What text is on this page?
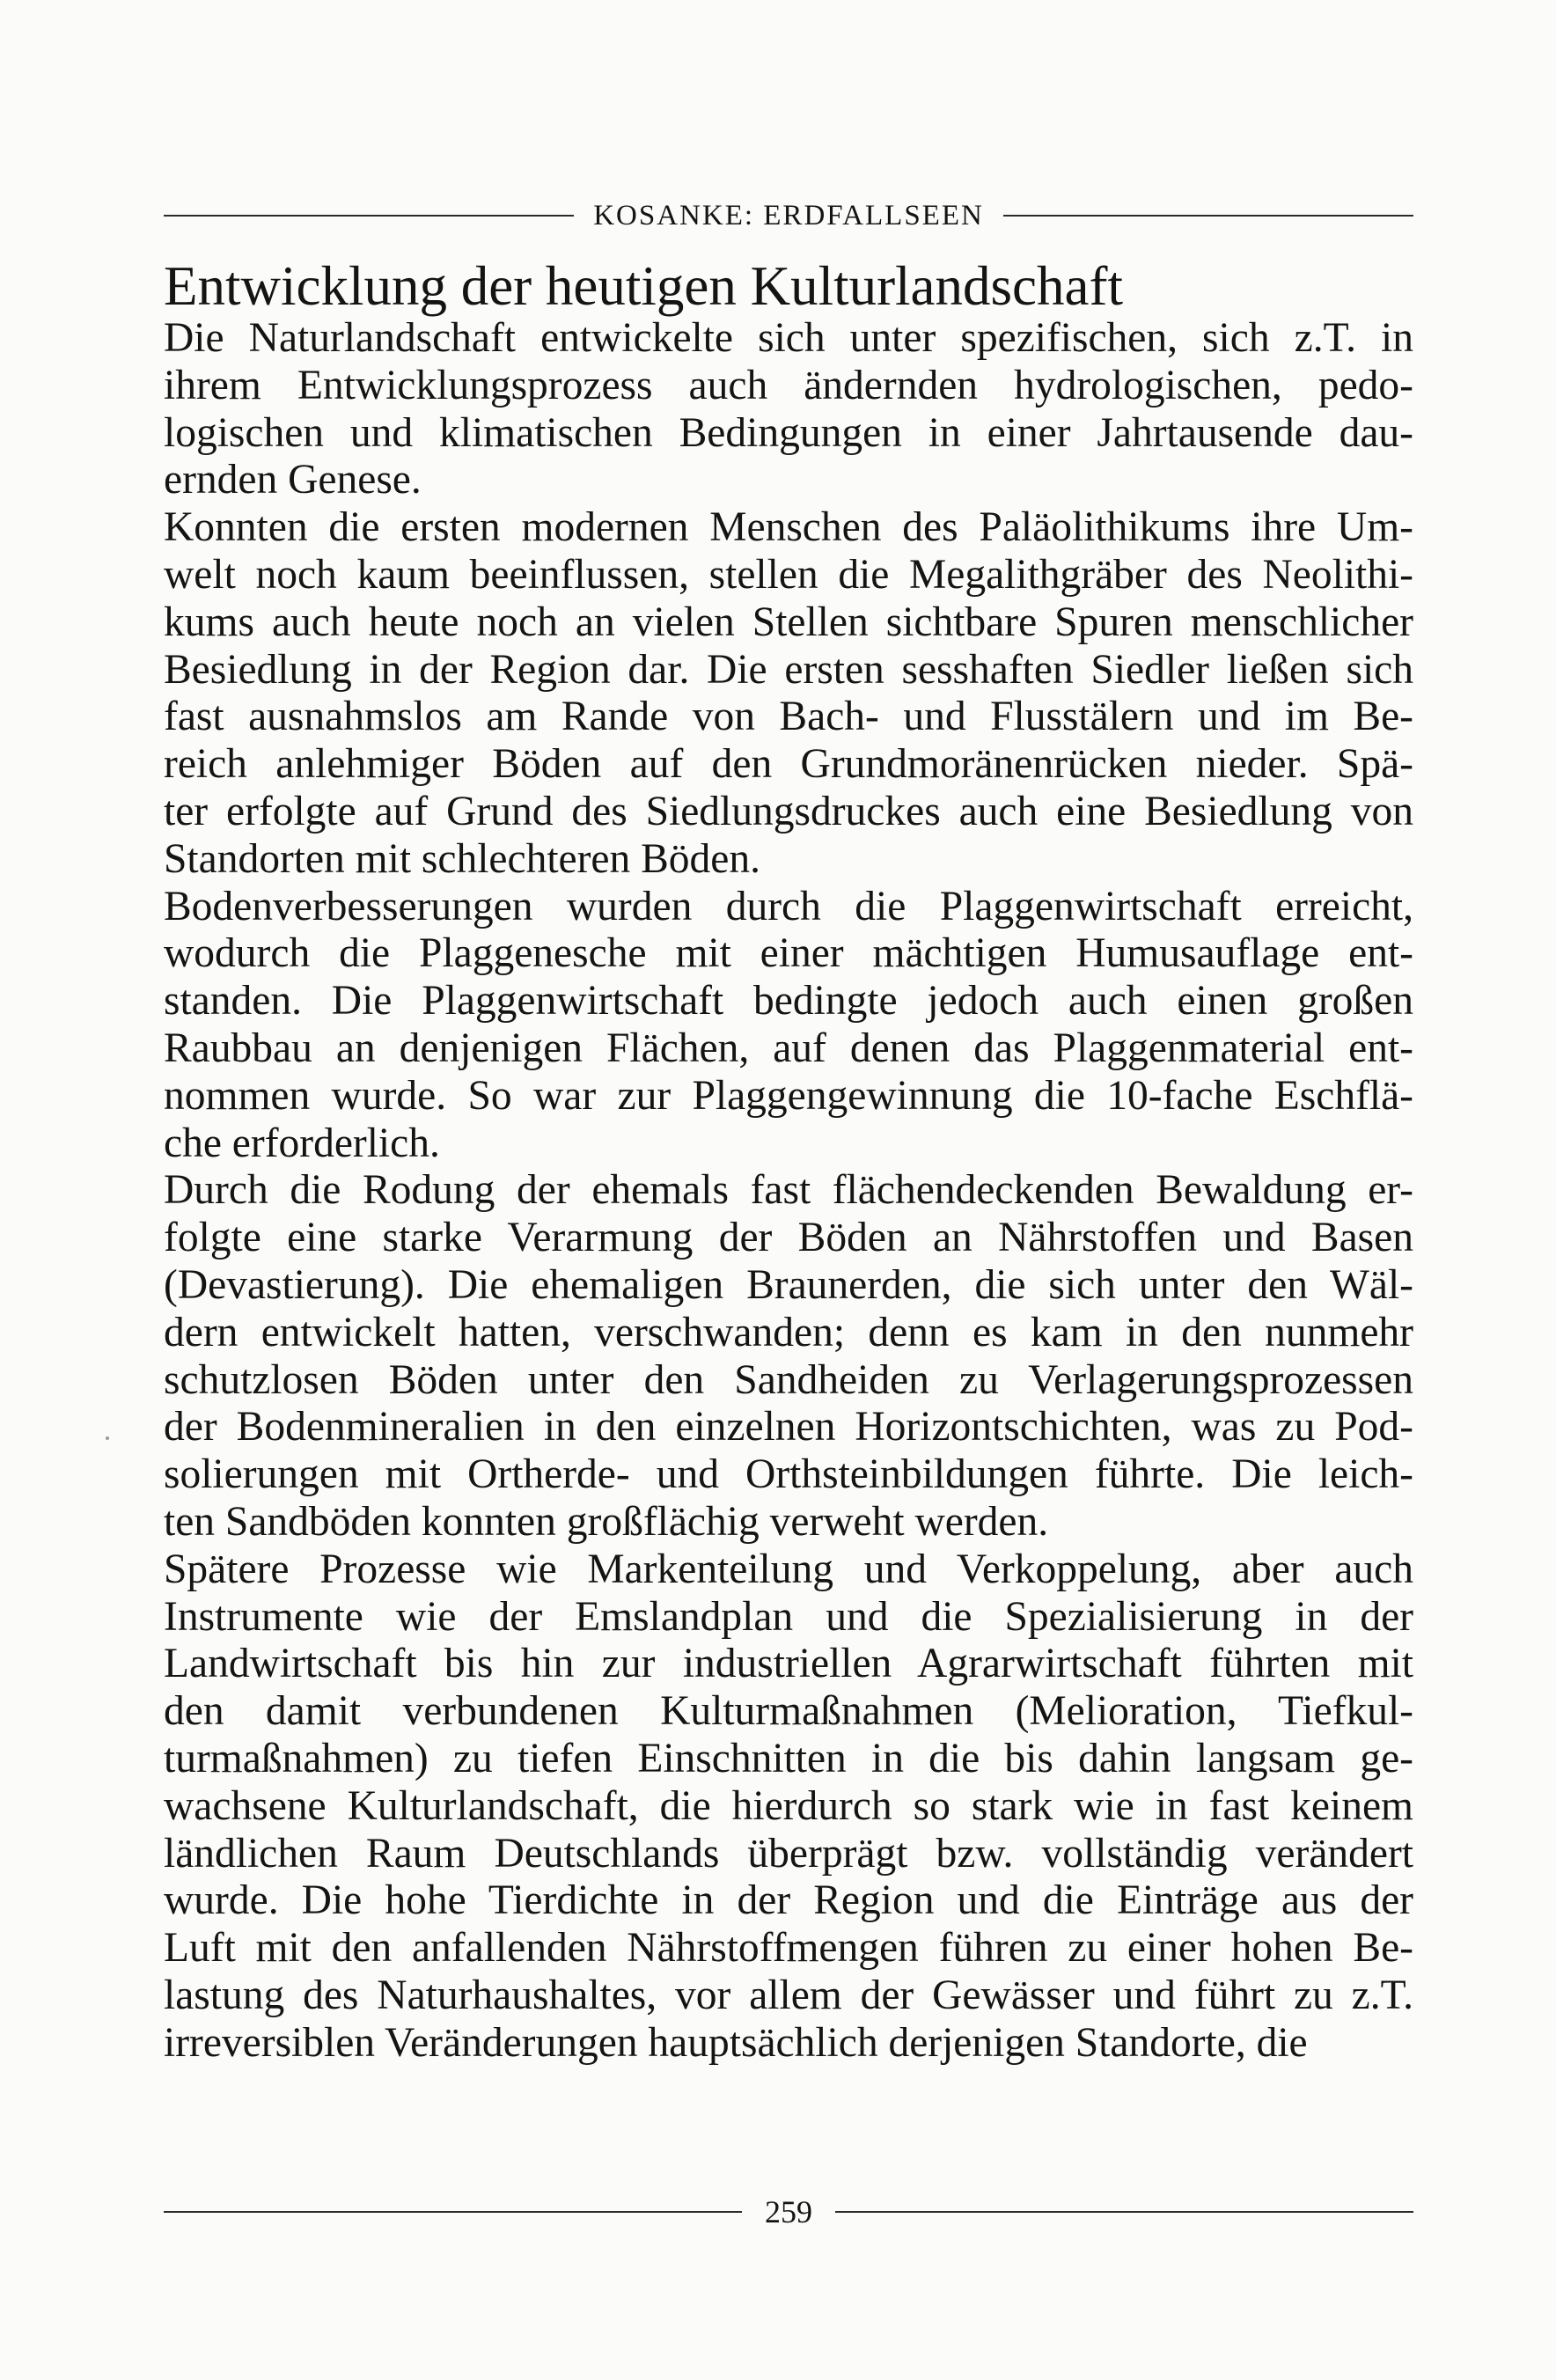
KOSANKE: ERDFALLSEEN
Entwicklung der heutigen Kulturlandschaft

Die Naturlandschaft entwickelte sich unter spezifischen, sich z.T. in
ihrem Entwicklungsprozess auch ändernden hydrologischen, pedo-
logischen und klimatischen Bedingungen in einer Jahrtausende dau-
ernden Genese.

Konnten die ersten modernen Menschen des Paläolithikums ihre Um-
welt noch kaum beeinflussen, stellen die Megalithgräber des Neolithi-
kums auch heute noch an vielen Stellen sichtbare Spuren menschlicher
Besiedlung in der Region dar. Die ersten sesshaften Siedler ließen sich
fast ausnahmslos am Rande von Bach- und Flusstälern und im Be-
reich anlehmiger Böden auf den Grundmoränenrücken nieder. Spä-
ter erfolgte auf Grund des Siedlungsdruckes auch eine Besiedlung von
Standorten mit schlechteren Böden.

Bodenverbesserungen wurden durch die Plaggenwirtschaft erreicht,
wodurch die Plaggenesche mit einer mächtigen Humusauflage ent-
standen. Die Plaggenwirtschaft bedingte jedoch auch einen großen
Raubbau an denjenigen Flächen, auf denen das Plaggenmaterial ent-
nommen wurde. So war zur Plaggengewinnung die 10-fache Eschflä-
che erforderlich.

Durch die Rodung der ehemals fast flächendeckenden Bewaldung er-
folgte eine starke Verarmung der Böden an Nährstoffen und Basen
(Devastierung). Die ehemaligen Braunerden, die sich unter den Wäl-
dern entwickelt hatten, verschwanden; denn es kam in den nunmehr
schutzlosen Böden unter den Sandheiden zu Verlagerungsprozessen
der Bodenmineralien in den einzelnen Horizontschichten, was zu Pod-
solierungen mit Ortherde- und Orthsteinbildungen führte. Die leich-
ten Sandböden konnten großflächig verweht werden.

Spätere Prozesse wie Markenteilung und Verkoppelung, aber auch
Instrumente wie der Emslandplan und die Spezialisierung in der
Landwirtschaft bis hin zur industriellen Agrarwirtschaft führten mit
den damit verbundenen Kulturmaßnahmen (Melioration, Tiefkul-
turmaßnahmen) zu tiefen Einschnitten in die bis dahin langsam ge-
wachsene Kulturlandschaft, die hierdurch so stark wie in fast keinem
ländlichen Raum Deutschlands überprägt bzw. vollständig verändert
wurde. Die hohe Tierdichte in der Region und die Einträge aus der
Luft mit den anfallenden Nährstoffmengen führen zu einer hohen Be-
lastung des Naturhaushaltes, vor allem der Gewässer und führt zu z.T.
irreversiblen Veränderungen hauptsächlich derjenigen Standorte, die

259
